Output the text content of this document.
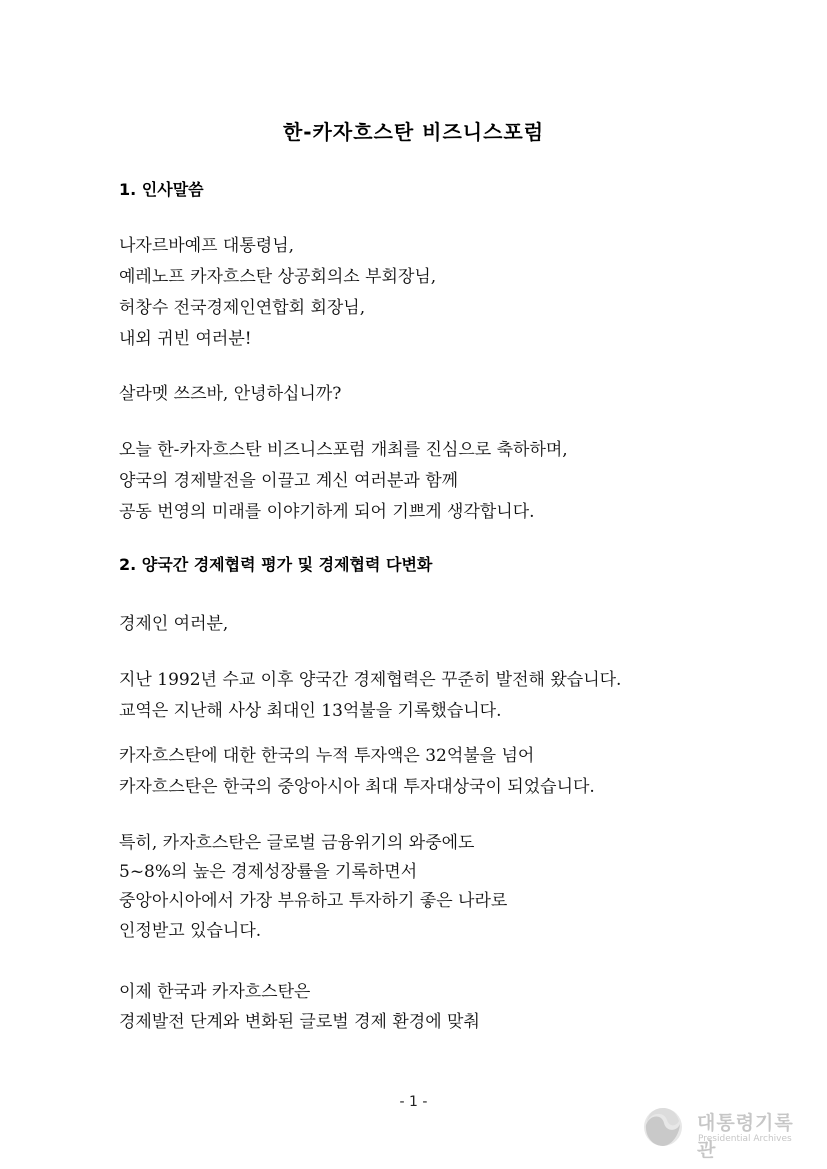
한-카자흐스탄 비즈니스포럼
1. 인사말씀
나자르바예프 대통령님,
예레노프 카자흐스탄 상공회의소 부회장님,
허창수 전국경제인연합회 회장님,
내외 귀빈 여러분!
살라멧 쓰즈바, 안녕하십니까?
오늘 한-카자흐스탄 비즈니스포럼 개최를 진심으로 축하하며,
양국의 경제발전을 이끌고 계신 여러분과 함께
공동 번영의 미래를 이야기하게 되어 기쁘게 생각합니다.
2. 양국간 경제협력 평가 및 경제협력 다변화
경제인 여러분,
지난 1992년 수교 이후 양국간 경제협력은 꾸준히 발전해 왔습니다.
교역은 지난해 사상 최대인 13억불을 기록했습니다.
카자흐스탄에 대한 한국의 누적 투자액은 32억불을 넘어
카자흐스탄은 한국의 중앙아시아 최대 투자대상국이 되었습니다.
특히, 카자흐스탄은 글로벌 금융위기의 와중에도
5~8%의 높은 경제성장률을 기록하면서
중앙아시아에서 가장 부유하고 투자하기 좋은 나라로
인정받고 있습니다.
이제 한국과 카자흐스탄은
경제발전 단계와 변화된 글로벌 경제 환경에 맞춰
- 1 -
대통령기록관
Presidential Archives
